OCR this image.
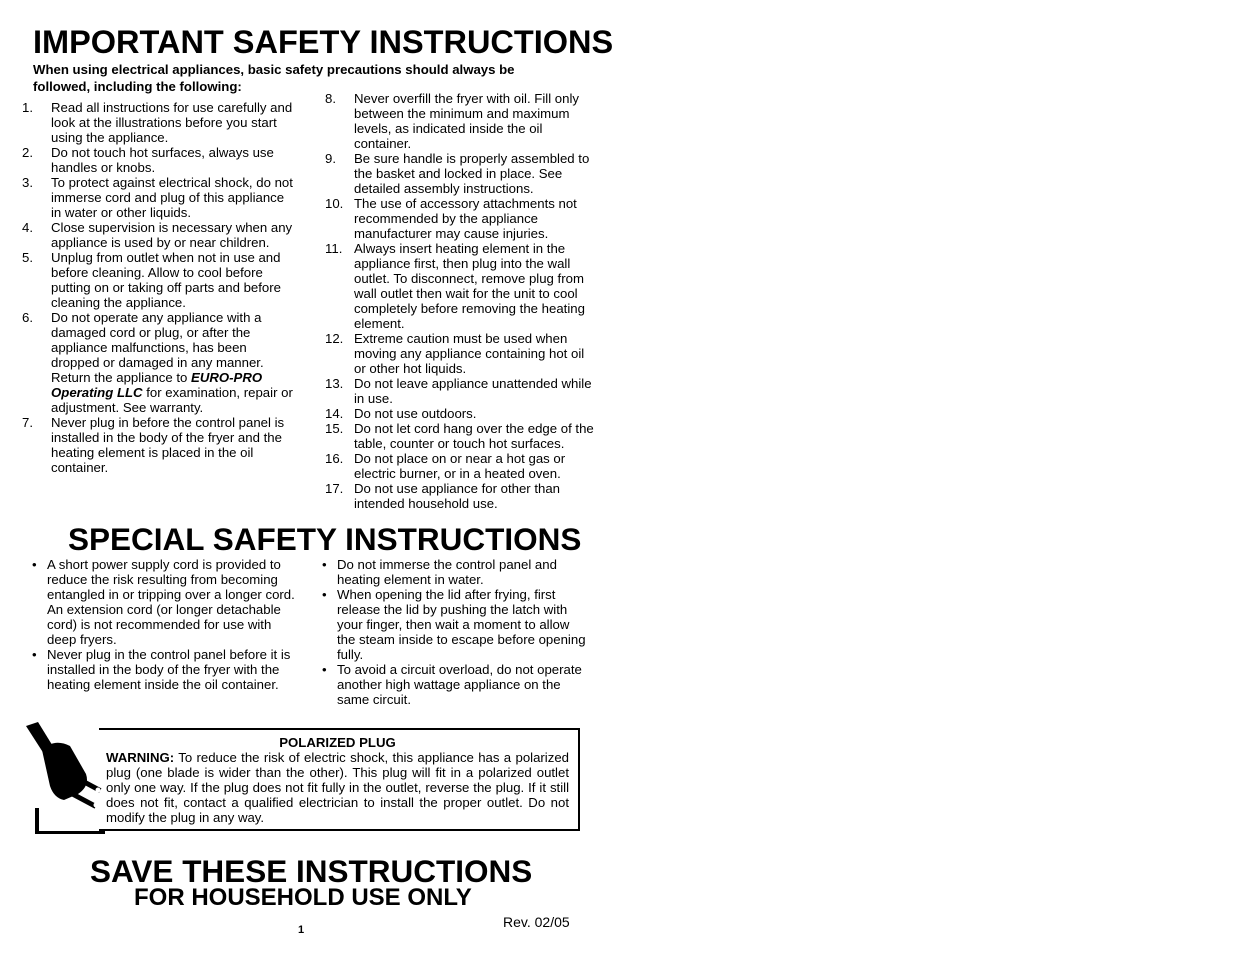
IMPORTANT SAFETY INSTRUCTIONS

When using electrical appliances, basic safety precautions should always be followed, including the following:

1. Read all instructions for use carefully and look at the illustrations before you start using the appliance.
2. Do not touch hot surfaces, always use handles or knobs.
3. To protect against electrical shock, do not immerse cord and plug of this appliance in water or other liquids.
4. Close supervision is necessary when any appliance is used by or near children.
5. Unplug from outlet when not in use and before cleaning. Allow to cool before putting on or taking off parts and before cleaning the appliance.
6. Do not operate any appliance with a damaged cord or plug, or after the appliance malfunctions, has been dropped or damaged in any manner. Return the appliance to EURO-PRO Operating LLC for examination, repair or adjustment. See warranty.
7. Never plug in before the control panel is installed in the body of the fryer and the heating element is placed in the oil container.
8. Never overfill the fryer with oil. Fill only between the minimum and maximum levels, as indicated inside the oil container.
9. Be sure handle is properly assembled to the basket and locked in place. See detailed assembly instructions.
10. The use of accessory attachments not recommended by the appliance manufacturer may cause injuries.
11. Always insert heating element in the appliance first, then plug into the wall outlet. To disconnect, remove plug from wall outlet then wait for the unit to cool completely before removing the heating element.
12. Extreme caution must be used when moving any appliance containing hot oil or other hot liquids.
13. Do not leave appliance unattended while in use.
14. Do not use outdoors.
15. Do not let cord hang over the edge of the table, counter or touch hot surfaces.
16. Do not place on or near a hot gas or electric burner, or in a heated oven.
17. Do not use appliance for other than intended household use.
SPECIAL SAFETY INSTRUCTIONS
• A short power supply cord is provided to reduce the risk resulting from becoming entangled in or tripping over a longer cord. An extension cord (or longer detachable cord) is not recommended for use with deep fryers.
• Never plug in the control panel before it is installed in the body of the fryer with the heating element inside the oil container.
• Do not immerse the control panel and heating element in water.
• When opening the lid after frying, first release the lid by pushing the latch with your finger, then wait a moment to allow the steam inside to escape before opening fully.
• To avoid a circuit overload, do not operate another high wattage appliance on the same circuit.
POLARIZED PLUG
WARNING: To reduce the risk of electric shock, this appliance has a polarized plug (one blade is wider than the other). This plug will fit in a polarized outlet only one way. If the plug does not fit fully in the outlet, reverse the plug. If it still does not fit, contact a qualified electrician to install the proper outlet. Do not modify the plug in any way.
SAVE THESE INSTRUCTIONS
FOR HOUSEHOLD USE ONLY
Rev. 02/05
1
